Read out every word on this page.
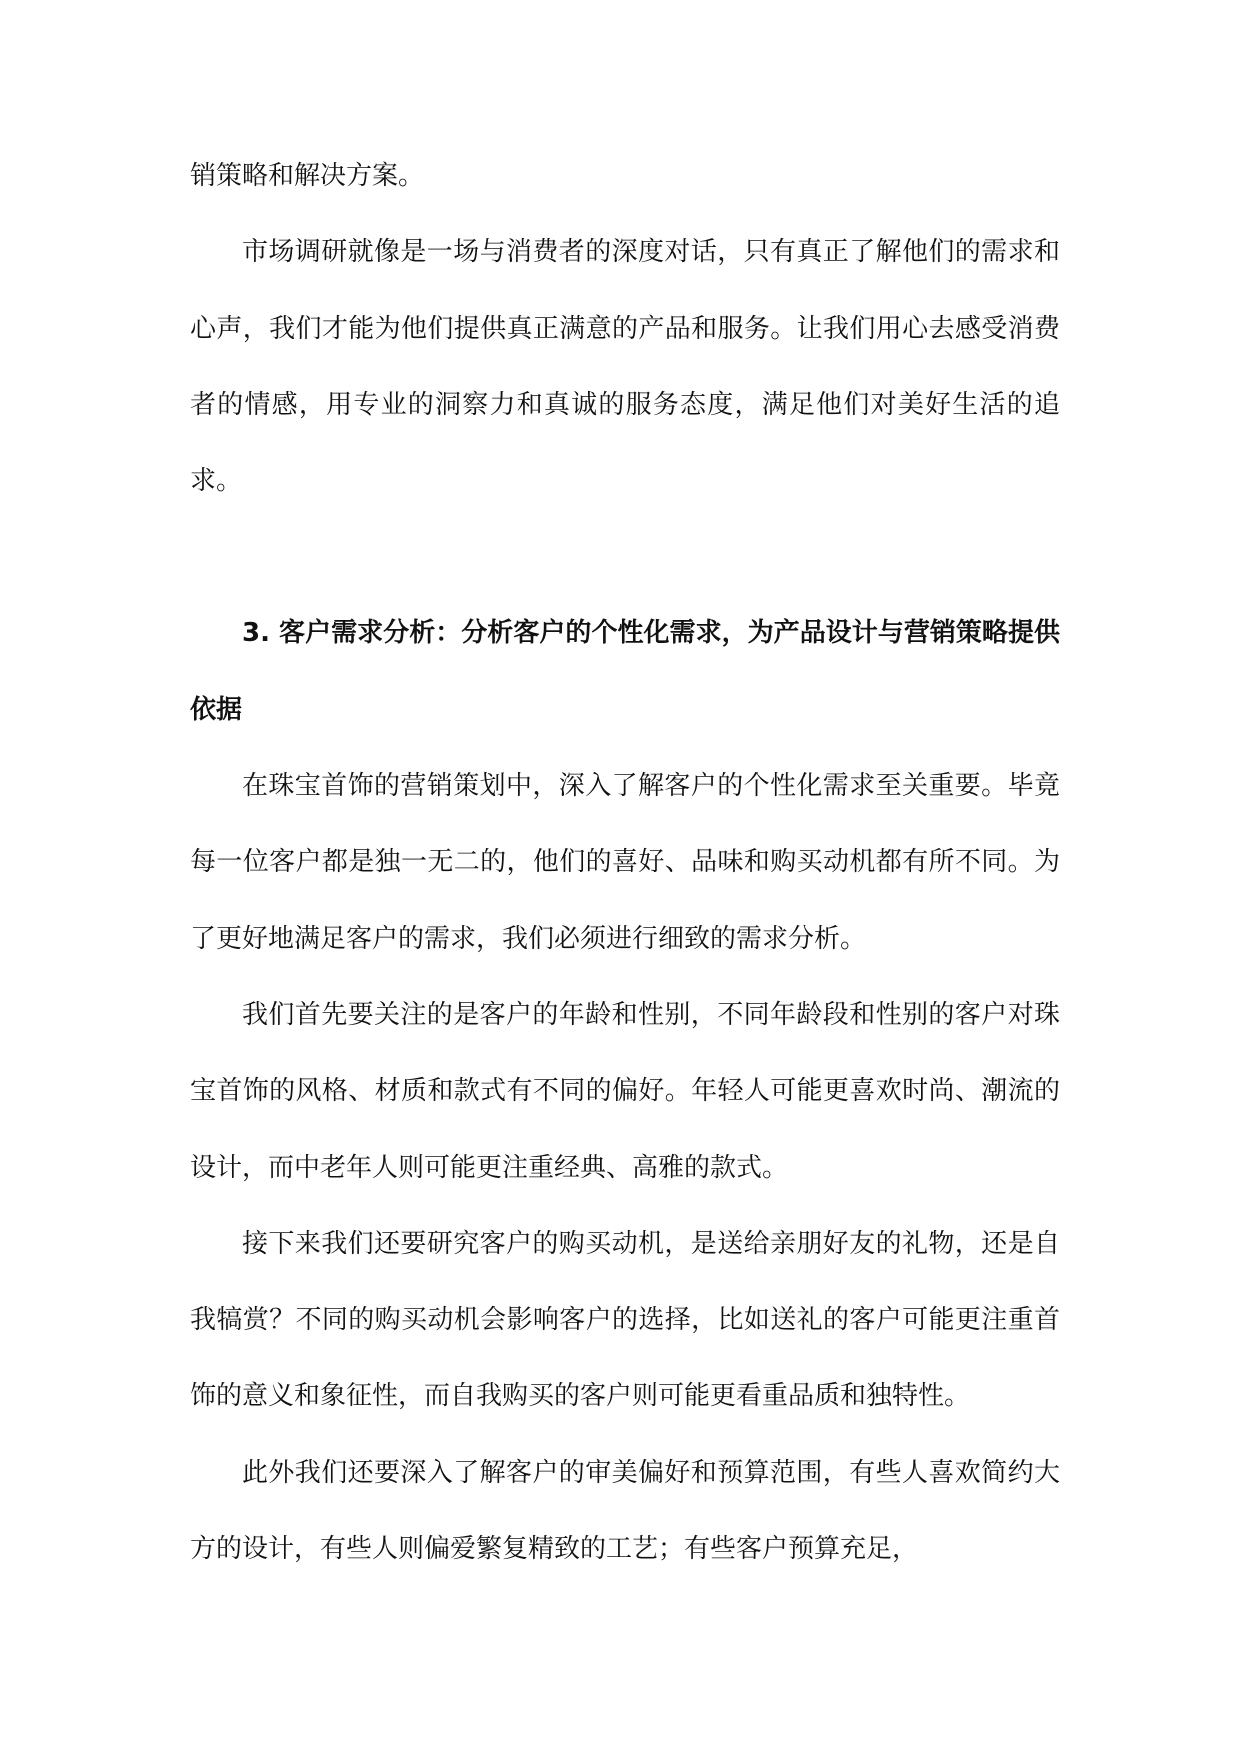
销策略和解决方案。

市场调研就像是一场与消费者的深度对话，只有真正了解他们的需求和心声，我们才能为他们提供真正满意的产品和服务。让我们用心去感受消费者的情感，用专业的洞察力和真诚的服务态度，满足他们对美好生活的追求。

3. 客户需求分析：分析客户的个性化需求，为产品设计与营销策略提供依据

在珠宝首饰的营销策划中，深入了解客户的个性化需求至关重要。毕竟每一位客户都是独一无二的，他们的喜好、品味和购买动机都有所不同。为了更好地满足客户的需求，我们必须进行细致的需求分析。

我们首先要关注的是客户的年龄和性别，不同年龄段和性别的客户对珠宝首饰的风格、材质和款式有不同的偏好。年轻人可能更喜欢时尚、潮流的设计，而中老年人则可能更注重经典、高雅的款式。

接下来我们还要研究客户的购买动机，是送给亲朋好友的礼物，还是自我犒赏？不同的购买动机会影响客户的选择，比如送礼的客户可能更注重首饰的意义和象征性，而自我购买的客户则可能更看重品质和独特性。

此外我们还要深入了解客户的审美偏好和预算范围，有些人喜欢简约大方的设计，有些人则偏爱繁复精致的工艺；有些客户预算充足，
